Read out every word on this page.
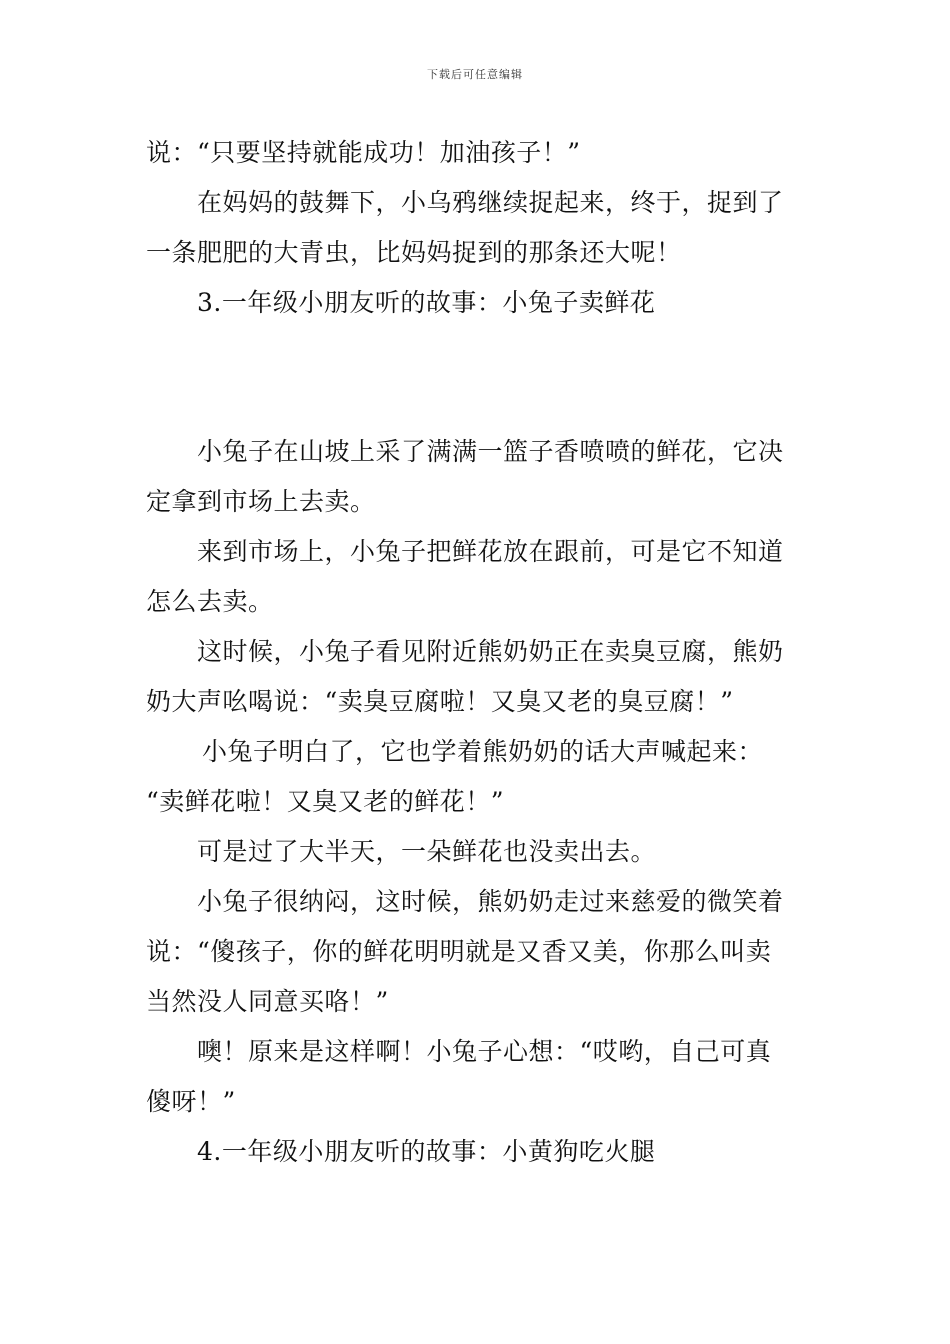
下载后可任意编辑
说：“只要坚持就能成功！加油孩子！”
在妈妈的鼓舞下，小乌鸦继续捉起来，终于，捉到了
一条肥肥的大青虫，比妈妈捉到的那条还大呢！
3.一年级小朋友听的故事：小兔子卖鲜花
小兔子在山坡上采了满满一篮子香喷喷的鲜花，它决
定拿到市场上去卖。
来到市场上，小兔子把鲜花放在跟前，可是它不知道
怎么去卖。
这时候，小兔子看见附近熊奶奶正在卖臭豆腐，熊奶
奶大声吆喝说：“卖臭豆腐啦！又臭又老的臭豆腐！”
小兔子明白了，它也学着熊奶奶的话大声喊起来：
“卖鲜花啦！又臭又老的鲜花！”
可是过了大半天，一朵鲜花也没卖出去。
小兔子很纳闷，这时候，熊奶奶走过来慈爱的微笑着
说：“傻孩子，你的鲜花明明就是又香又美，你那么叫卖
当然没人同意买咯！”
噢！原来是这样啊！小兔子心想：“哎哟，自己可真
傻呀！”
4.一年级小朋友听的故事：小黄狗吃火腿
